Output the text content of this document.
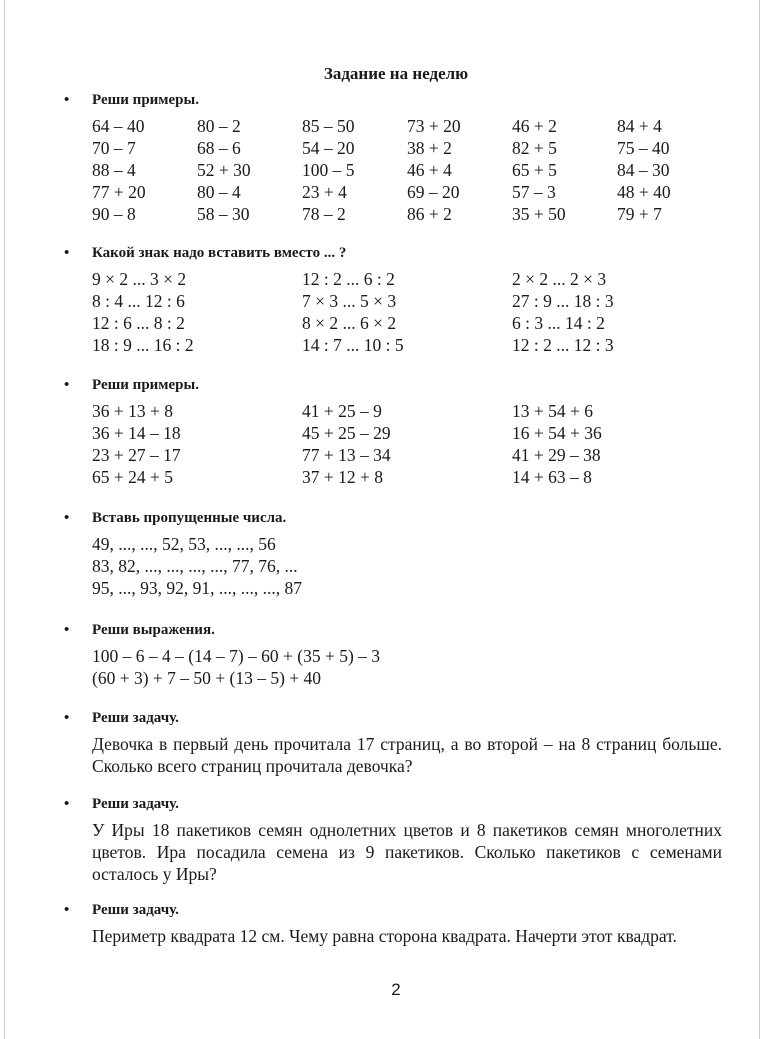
Задание на неделю
• Реши примеры.
64 – 40	80 – 2	85 – 50	73 + 20	46 + 2	84 + 4
70 – 7	68 – 6	54 – 20	38 + 2	82 + 5	75 – 40
88 – 4	52 + 30	100 – 5	46 + 4	65 + 5	84 – 30
77 + 20	80 – 4	23 + 4	69 – 20	57 – 3	48 + 40
90 – 8	58 – 30	78 – 2	86 + 2	35 + 50	79 + 7
• Какой знак надо вставить вместо ... ?
9 × 2 ... 3 × 2	12 : 2 ... 6 : 2	2 × 2 ... 2 × 3
8 : 4 ... 12 : 6	7 × 3 ... 5 × 3	27 : 9 ... 18 : 3
12 : 6 ... 8 : 2	8 × 2 ... 6 × 2	6 : 3 ... 14 : 2
18 : 9 ... 16 : 2	14 : 7 ... 10 : 5	12 : 2 ... 12 : 3
• Реши примеры.
36 + 13 + 8	41 + 25 – 9	13 + 54 + 6
36 + 14 – 18	45 + 25 – 29	16 + 54 + 36
23 + 27 – 17	77 + 13 – 34	41 + 29 – 38
65 + 24 + 5	37 + 12 + 8	14 + 63 – 8
• Вставь пропущенные числа.
49, ..., ..., 52, 53, ..., ..., 56
83, 82, ..., ..., ..., ..., 77, 76, ...
95, ..., 93, 92, 91, ..., ..., ..., 87
• Реши выражения.
100 – 6 – 4 – (14 – 7) – 60 + (35 + 5) – 3
(60 + 3) + 7 – 50 + (13 – 5) + 40
• Реши задачу.
Девочка в первый день прочитала 17 страниц, а во второй – на 8 страниц больше. Сколько всего страниц прочитала девочка?
• Реши задачу.
У Иры 18 пакетиков семян однолетних цветов и 8 пакетиков семян многолетних цветов. Ира посадила семена из 9 пакетиков. Сколько пакетиков с семенами осталось у Иры?
• Реши задачу.
Периметр квадрата 12 см. Чему равна сторона квадрата. Начерти этот квадрат.
2
